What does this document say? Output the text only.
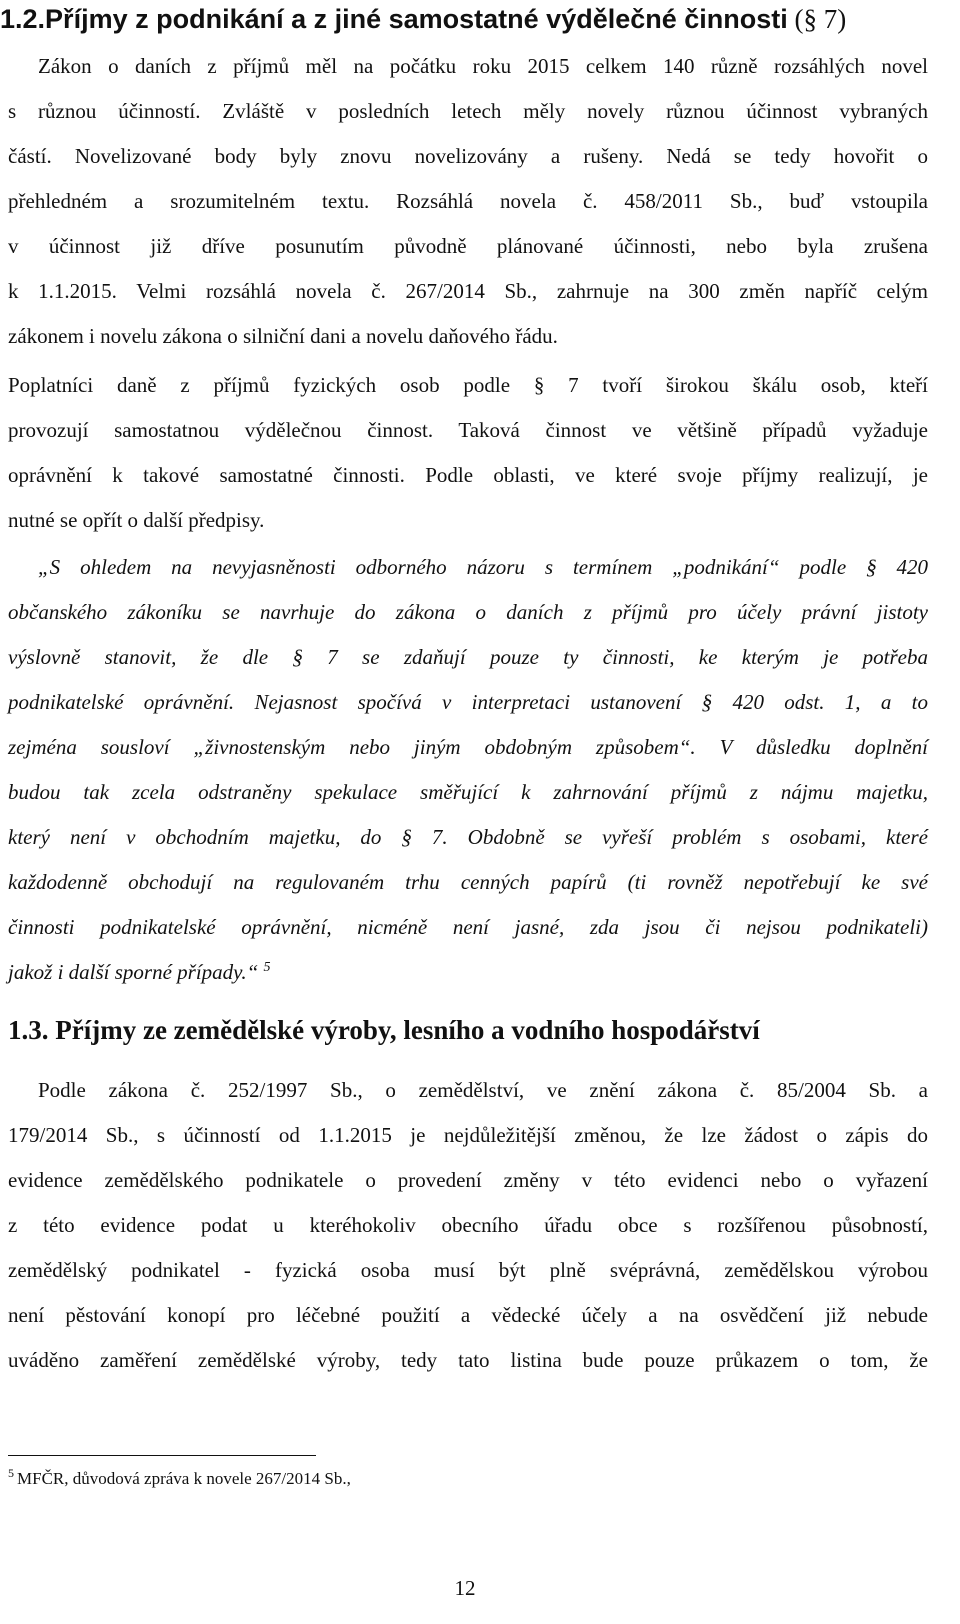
1.2.Příjmy z podnikání a z jiné samostatné výdělečné činnosti (§ 7)
Zákon o daních z příjmů měl na počátku roku 2015 celkem 140 různě rozsáhlých novel
s různou účinností. Zvláště v posledních letech měly novely různou účinnost vybraných
částí. Novelizované body byly znovu novelizovány a rušeny. Nedá se tedy hovořit o
přehledném a srozumitelném textu. Rozsáhlá novela č. 458/2011 Sb., buď vstoupila
v účinnost již dříve posunutím původně plánované účinnosti, nebo byla zrušena
k 1.1.2015. Velmi rozsáhlá novela č. 267/2014 Sb., zahrnuje na 300 změn napříč celým
zákonem i novelu zákona o silniční dani a novelu daňového řádu.
Poplatníci daně z příjmů fyzických osob podle § 7 tvoří širokou škálu osob, kteří
provozují samostatnou výdělečnou činnost. Taková činnost ve většině případů vyžaduje
oprávnění k takové samostatné činnosti. Podle oblasti, ve které svoje příjmy realizují, je
nutné se opřít o další předpisy.
„S ohledem na nevyjasněnosti odborného názoru s termínem „podnikání“ podle § 420
občanského zákoníku se navrhuje do zákona o daních z příjmů pro účely právní jistoty
výslovně stanovit, že dle § 7 se zdaňují pouze ty činnosti, ke kterým je potřeba
podnikatelské oprávnění. Nejasnost spočívá v interpretaci ustanovení § 420 odst. 1, a to
zejména sousloví „živnostenským nebo jiným obdobným způsobem“. V důsledku doplnění
budou tak zcela odstraněny spekulace směřující k zahrnování příjmů z nájmu majetku,
který není v obchodním majetku, do § 7. Obdobně se vyřeší problém s osobami, které
každodenně obchodují na regulovaném trhu cenných papírů (ti rovněž nepotřebují ke své
činnosti podnikatelské oprávnění, nicméně není jasné, zda jsou či nejsou podnikateli)
jakož i další sporné případy.“ $^5$
1.3. Příjmy ze zemědělské výroby, lesního a vodního hospodářství
Podle zákona č. 252/1997 Sb., o zemědělství, ve znění zákona č. 85/2004 Sb. a
179/2014 Sb., s účinností od 1.1.2015 je nejdůležitější změnou, že lze žádost o zápis do
evidence zemědělského podnikatele o provedení změny v této evidenci nebo o vyřazení
z této evidence podat u kteréhokoliv obecního úřadu obce s rozšířenou působností,
zemědělský podnikatel - fyzická osoba musí být plně svéprávná, zemědělskou výrobou
není pěstování konopí pro léčebné použití a vědecké účely a na osvědčení již nebude
uváděno zaměření zemědělské výroby, tedy tato listina bude pouze průkazem o tom, že
$^5$ MFČR, důvodová zpráva k novele 267/2014 Sb.,
12
